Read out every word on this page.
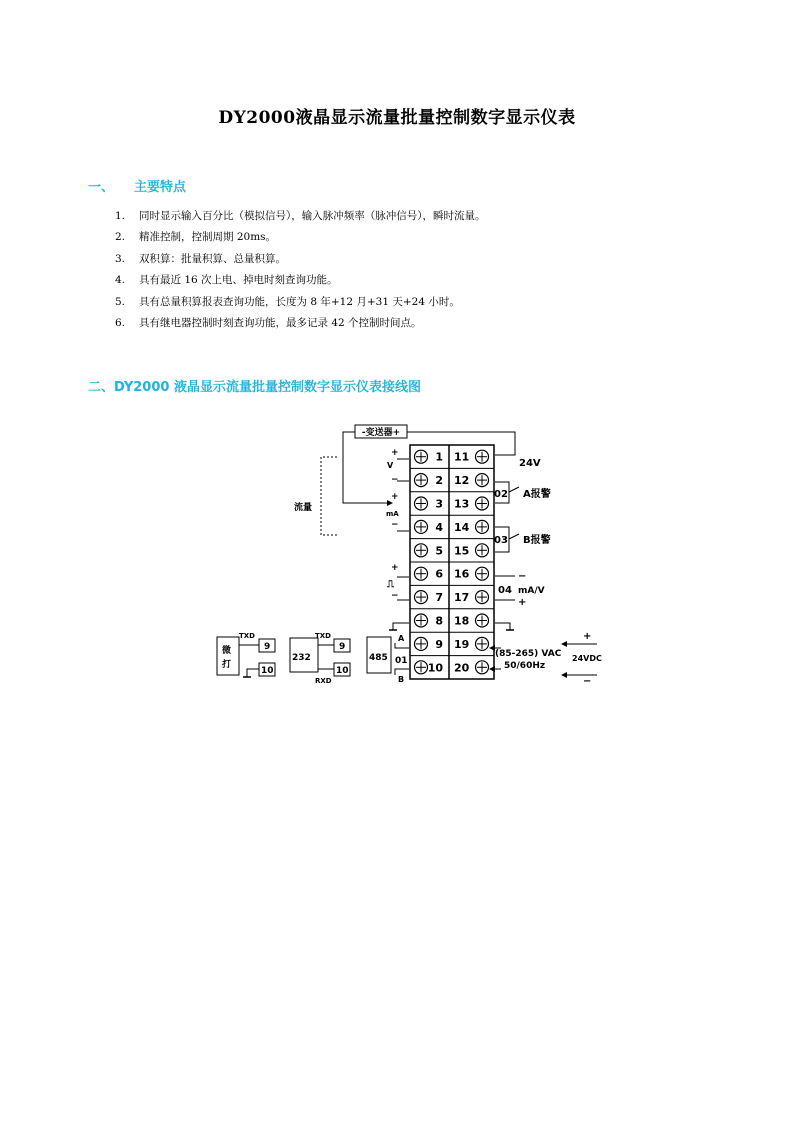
DY2000液晶显示流量批量控制数字显示仪表
一、 主要特点
1. 同时显示输入百分比（模拟信号），输入脉冲频率（脉冲信号），瞬时流量。
2. 精准控制，控制周期 20ms。
3. 双积算：批量积算、总量积算。
4. 具有最近 16 次上电、掉电时刻查询功能。
5. 具有总量积算报表查询功能，长度为 8 年+12 月+31 天+24 小时。
6. 具有继电器控制时刻查询功能，最多记录 42 个控制时间点。
二、DY2000 液晶显示流量批量控制数字显示仪表接线图
1 11
2 12
3 13
4 14
5 15
6 16
7 17
8 18
9 19
10 20
-变送器+
流量
+
V
−
+
mA
−
+
⎍
−
485 01
A
B
232
TXD
RXD
9
10
微
打
TXD
9
10
24V
02 A报警
03 B报警
−
04 mA/V
+
(85-265) VAC
50/60Hz
+
24VDC
−
